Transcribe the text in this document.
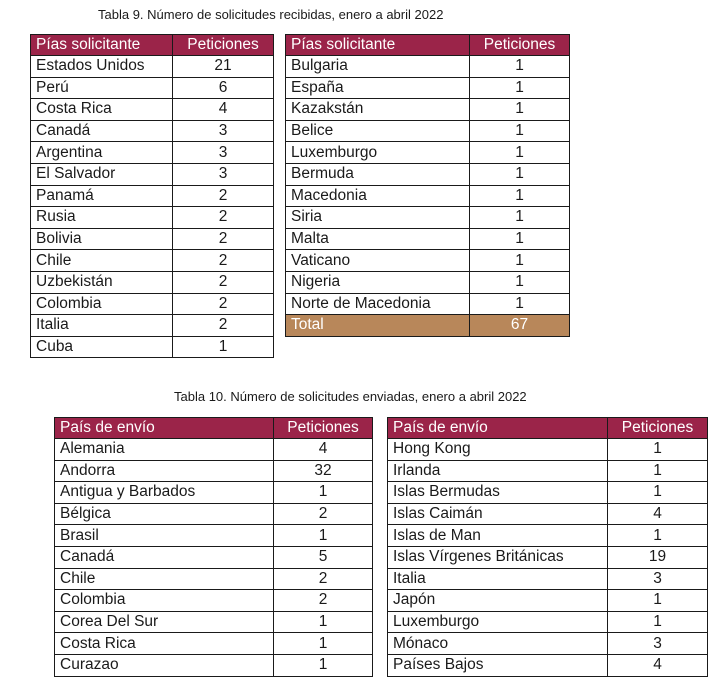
Tabla 9. Número de solicitudes recibidas, enero a abril 2022
Pías solicitante	Peticiones
Estados Unidos	21
Perú	6
Costa Rica	4
Canadá	3
Argentina	3
El Salvador	3
Panamá	2
Rusia	2
Bolivia	2
Chile	2
Uzbekistán	2
Colombia	2
Italia	2
Cuba	1
Pías solicitante	Peticiones
Bulgaria	1
España	1
Kazakstán	1
Belice	1
Luxemburgo	1
Bermuda	1
Macedonia	1
Siria	1
Malta	1
Vaticano	1
Nigeria	1
Norte de Macedonia	1
Total	67
Tabla 10. Número de solicitudes enviadas, enero a abril 2022
País de envío	Peticiones
Alemania	4
Andorra	32
Antigua y Barbados	1
Bélgica	2
Brasil	1
Canadá	5
Chile	2
Colombia	2
Corea Del Sur	1
Costa Rica	1
Curazao	1
País de envío	Peticiones
Hong Kong	1
Irlanda	1
Islas Bermudas	1
Islas Caimán	4
Islas de Man	1
Islas Vírgenes Británicas	19
Italia	3
Japón	1
Luxemburgo	1
Mónaco	3
Países Bajos	4
